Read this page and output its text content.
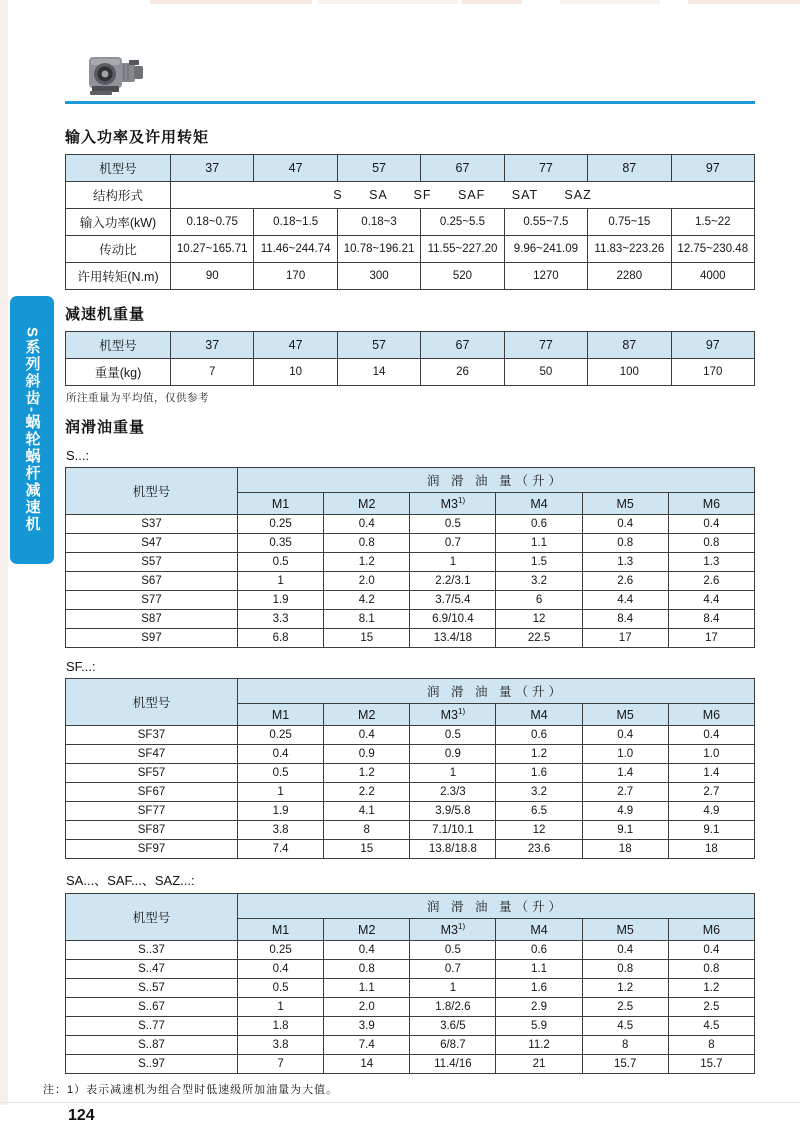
S系列斜齿-蜗轮蜗杆减速机
输入功率及许用转矩
机型号	37	47	57	67	77	87	97
结构形式	S SA SF SAF SAT SAZ						
输入功率(kW)	0.18~0.75	0.18~1.5	0.18~3	0.25~5.5	0.55~7.5	0.75~15	1.5~22
传动比	10.27~165.71	11.46~244.74	10.78~196.21	11.55~227.20	9.96~241.09	11.83~223.26	12.75~230.48
许用转矩(N.m)	90	170	300	520	1270	2280	4000
减速机重量
机型号	37	47	57	67	77	87	97
重量(kg)	7	10	14	26	50	100	170
所注重量为平均值，仅供参考
润滑油重量
S...:
机型号	润 滑 油 量（升）					
	M1	M2	M3$^{1)}$	M4	M5	M6
S37	0.25	0.4	0.5	0.6	0.4	0.4
S47	0.35	0.8	0.7	1.1	0.8	0.8
S57	0.5	1.2	1	1.5	1.3	1.3
S67	1	2.0	2.2/3.1	3.2	2.6	2.6
S77	1.9	4.2	3.7/5.4	6	4.4	4.4
S87	3.3	8.1	6.9/10.4	12	8.4	8.4
S97	6.8	15	13.4/18	22.5	17	17
SF...:
机型号	润 滑 油 量（升）					
	M1	M2	M3$^{1)}$	M4	M5	M6
SF37	0.25	0.4	0.5	0.6	0.4	0.4
SF47	0.4	0.9	0.9	1.2	1.0	1.0
SF57	0.5	1.2	1	1.6	1.4	1.4
SF67	1	2.2	2.3/3	3.2	2.7	2.7
SF77	1.9	4.1	3.9/5.8	6.5	4.9	4.9
SF87	3.8	8	7.1/10.1	12	9.1	9.1
SF97	7.4	15	13.8/18.8	23.6	18	18
SA...、SAF...、SAZ...:
机型号	润 滑 油 量（升）					
	M1	M2	M3$^{1)}$	M4	M5	M6
S..37	0.25	0.4	0.5	0.6	0.4	0.4
S..47	0.4	0.8	0.7	1.1	0.8	0.8
S..57	0.5	1.1	1	1.6	1.2	1.2
S..67	1	2.0	1.8/2.6	2.9	2.5	2.5
S..77	1.8	3.9	3.6/5	5.9	4.5	4.5
S..87	3.8	7.4	6/8.7	11.2	8	8
S..97	7	14	11.4/16	21	15.7	15.7
注：1）表示减速机为组合型时低速级所加油量为大值。
124
